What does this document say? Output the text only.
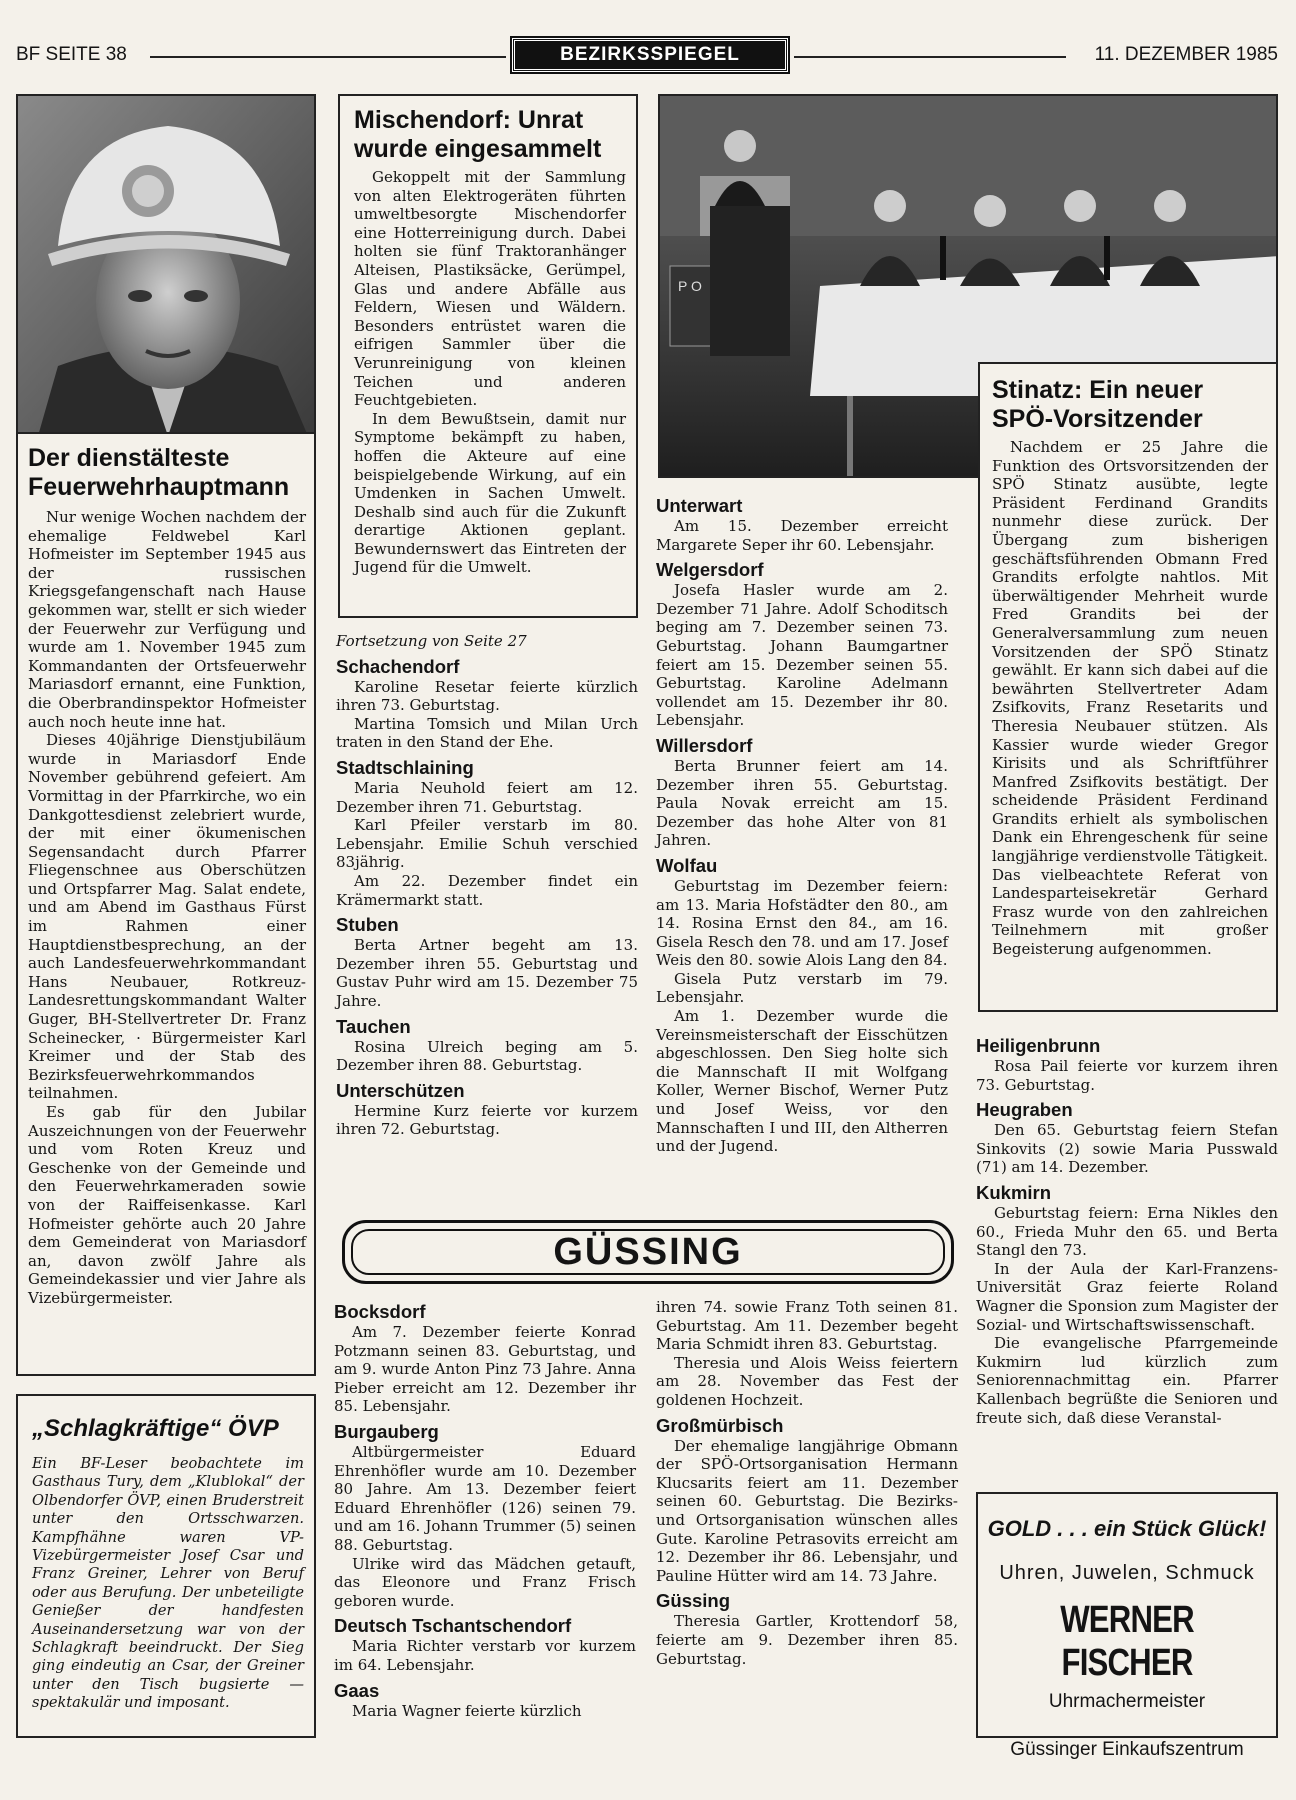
BF SEITE 38	BEZIRKSSPIEGEL	11. DEZEMBER 1985
Der dienstälteste
Feuerwehrhauptmann

Nur wenige Wochen nachdem der ehemalige Feldwebel Karl Hofmeister im September 1945 aus der russischen Kriegsgefangenschaft nach Hause gekommen war, stellt er sich wieder der Feuerwehr zur Verfügung und wurde am 1. November 1945 zum Kommandanten der Ortsfeuerwehr Mariasdorf ernannt, eine Funktion, die Oberbrandinspektor Hofmeister auch noch heute inne hat.

Dieses 40jährige Dienstjubiläum wurde in Mariasdorf Ende November gebührend gefeiert. Am Vormittag in der Pfarrkirche, wo ein Dankgottesdienst zelebriert wurde, der mit einer ökumenischen Segensandacht durch Pfarrer Fliegenschnee aus Oberschützen und Ortspfarrer Mag. Salat endete, und am Abend im Gasthaus Fürst im Rahmen einer Hauptdienstbesprechung, an der auch Landesfeuerwehrkommandant Hans Neubauer, Rotkreuz-Landesrettungskommandant Walter Guger, BH-Stellvertreter Dr. Franz Scheinecker, · Bürgermeister Karl Kreimer und der Stab des Bezirksfeuerwehrkommandos teilnahmen.

Es gab für den Jubilar Auszeichnungen von der Feuerwehr und vom Roten Kreuz und Geschenke von der Gemeinde und den Feuerwehrkameraden sowie von der Raiffeisenkasse. Karl Hofmeister gehörte auch 20 Jahre dem Gemeinderat von Mariasdorf an, davon zwölf Jahre als Gemeindekassier und vier Jahre als Vizebürgermeister.

„Schlagkräftige“ ÖVP

Ein BF-Leser beobachtete im Gasthaus Tury, dem „Klublokal“ der Olbendorfer ÖVP, einen Bruderstreit unter den Ortsschwarzen. Kampfhähne waren VP-Vizebürgermeister Josef Csar und Franz Greiner, Lehrer von Beruf oder aus Berufung. Der unbeteiligte Genießer der handfesten Auseinandersetzung war von der Schlagkraft beeindruckt. Der Sieg ging eindeutig an Csar, der Greiner unter den Tisch bugsierte — spektakulär und imposant.

Mischendorf: Unrat
wurde eingesammelt

Gekoppelt mit der Sammlung von alten Elektrogeräten führten umweltbesorgte Mischendorfer eine Hotterreinigung durch. Dabei holten sie fünf Traktoranhänger Alteisen, Plastiksäcke, Gerümpel, Glas und andere Abfälle aus Feldern, Wiesen und Wäldern. Besonders entrüstet waren die eifrigen Sammler über die Verunreinigung von kleinen Teichen und anderen Feuchtgebieten.

In dem Bewußtsein, damit nur Symptome bekämpft zu haben, hoffen die Akteure auf eine beispielgebende Wirkung, auf ein Umdenken in Sachen Umwelt. Deshalb sind auch für die Zukunft derartige Aktionen geplant. Bewundernswert das Eintreten der Jugend für die Umwelt.

Fortsetzung von Seite 27

Schachendorf

Karoline Resetar feierte kürzlich ihren 73. Geburtstag.

Martina Tomsich und Milan Urch traten in den Stand der Ehe.

Stadtschlaining

Maria Neuhold feiert am 12. Dezember ihren 71. Geburtstag.

Karl Pfeiler verstarb im 80. Lebensjahr. Emilie Schuh verschied 83jährig.

Am 22. Dezember findet ein Krämermarkt statt.

Stuben

Berta Artner begeht am 13. Dezember ihren 55. Geburtstag und Gustav Puhr wird am 15. Dezember 75 Jahre.

Tauchen

Rosina Ulreich beging am 5. Dezember ihren 88. Geburtstag.

Unterschützen

Hermine Kurz feierte vor kurzem ihren 72. Geburtstag.

P O
Unterwart

Am 15. Dezember erreicht Margarete Seper ihr 60. Lebensjahr.

Welgersdorf

Josefa Hasler wurde am 2. Dezember 71 Jahre. Adolf Schoditsch beging am 7. Dezember seinen 73. Geburtstag. Johann Baumgartner feiert am 15. Dezember seinen 55. Geburtstag. Karoline Adelmann vollendet am 15. Dezember ihr 80. Lebensjahr.

Willersdorf

Berta Brunner feiert am 14. Dezember ihren 55. Geburtstag. Paula Novak erreicht am 15. Dezember das hohe Alter von 81 Jahren.

Wolfau

Geburtstag im Dezember feiern: am 13. Maria Hofstädter den 80., am 14. Rosina Ernst den 84., am 16. Gisela Resch den 78. und am 17. Josef Weis den 80. sowie Alois Lang den 84.

Gisela Putz verstarb im 79. Lebensjahr.

Am 1. Dezember wurde die Vereinsmeisterschaft der Eisschützen abgeschlossen. Den Sieg holte sich die Mannschaft II mit Wolfgang Koller, Werner Bischof, Werner Putz und Josef Weiss, vor den Mannschaften I und III, den Altherren und der Jugend.

Stinatz: Ein neuer
SPÖ-Vorsitzender

Nachdem er 25 Jahre die Funktion des Ortsvorsitzenden der SPÖ Stinatz ausübte, legte Präsident Ferdinand Grandits nunmehr diese zurück. Der Übergang zum bisherigen geschäftsführenden Obmann Fred Grandits erfolgte nahtlos. Mit überwältigender Mehrheit wurde Fred Grandits bei der Generalversammlung zum neuen Vorsitzenden der SPÖ Stinatz gewählt. Er kann sich dabei auf die bewährten Stellvertreter Adam Zsifkovits, Franz Resetarits und Theresia Neubauer stützen. Als Kassier wurde wieder Gregor Kirisits und als Schriftführer Manfred Zsifkovits bestätigt. Der scheidende Präsident Ferdinand Grandits erhielt als symbolischen Dank ein Ehrengeschenk für seine langjährige verdienstvolle Tätigkeit. Das vielbeachtete Referat von Landesparteisekretär Gerhard Frasz wurde von den zahlreichen Teilnehmern mit großer Begeisterung aufgenommen.

Heiligenbrunn

Rosa Pail feierte vor kurzem ihren 73. Geburtstag.

Heugraben

Den 65. Geburtstag feiern Stefan Sinkovits (2) sowie Maria Pusswald (71) am 14. Dezember.

Kukmirn

Geburtstag feiern: Erna Nikles den 60., Frieda Muhr den 65. und Berta Stangl den 73.

In der Aula der Karl-Franzens-Universität Graz feierte Roland Wagner die Sponsion zum Magister der Sozial- und Wirtschaftswissenschaft.

Die evangelische Pfarrgemeinde Kukmirn lud kürzlich zum Seniorennachmittag ein. Pfarrer Kallenbach begrüßte die Senioren und freute sich, daß diese Veranstal-

GÜSSING
Bocksdorf

Am 7. Dezember feierte Konrad Potzmann seinen 83. Geburtstag, und am 9. wurde Anton Pinz 73 Jahre. Anna Pieber erreicht am 12. Dezember ihr 85. Lebensjahr.

Burgauberg

Altbürgermeister Eduard Ehrenhöfler wurde am 10. Dezember 80 Jahre. Am 13. Dezember feiert Eduard Ehrenhöfler (126) seinen 79. und am 16. Johann Trummer (5) seinen 88. Geburtstag.

Ulrike wird das Mädchen getauft, das Eleonore und Franz Frisch geboren wurde.

Deutsch Tschantschendorf

Maria Richter verstarb vor kurzem im 64. Lebensjahr.

Gaas

Maria Wagner feierte kürzlich

ihren 74. sowie Franz Toth seinen 81. Geburtstag. Am 11. Dezember begeht Maria Schmidt ihren 83. Geburtstag.

Theresia und Alois Weiss feiertern am 28. November das Fest der goldenen Hochzeit.

Großmürbisch

Der ehemalige langjährige Obmann der SPÖ-Ortsorganisation Hermann Klucsarits feiert am 11. Dezember seinen 60. Geburtstag. Die Bezirks- und Ortsorganisation wünschen alles Gute. Karoline Petrasovits erreicht am 12. Dezember ihr 86. Lebensjahr, und Pauline Hütter wird am 14. 73 Jahre.

Güssing

Theresia Gartler, Krottendorf 58, feierte am 9. Dezember ihren 85. Geburtstag.

GOLD . . . ein Stück Glück!
Uhren, Juwelen, Schmuck
WERNER FISCHER
Uhrmachermeister
Güssinger Einkaufszentrum
